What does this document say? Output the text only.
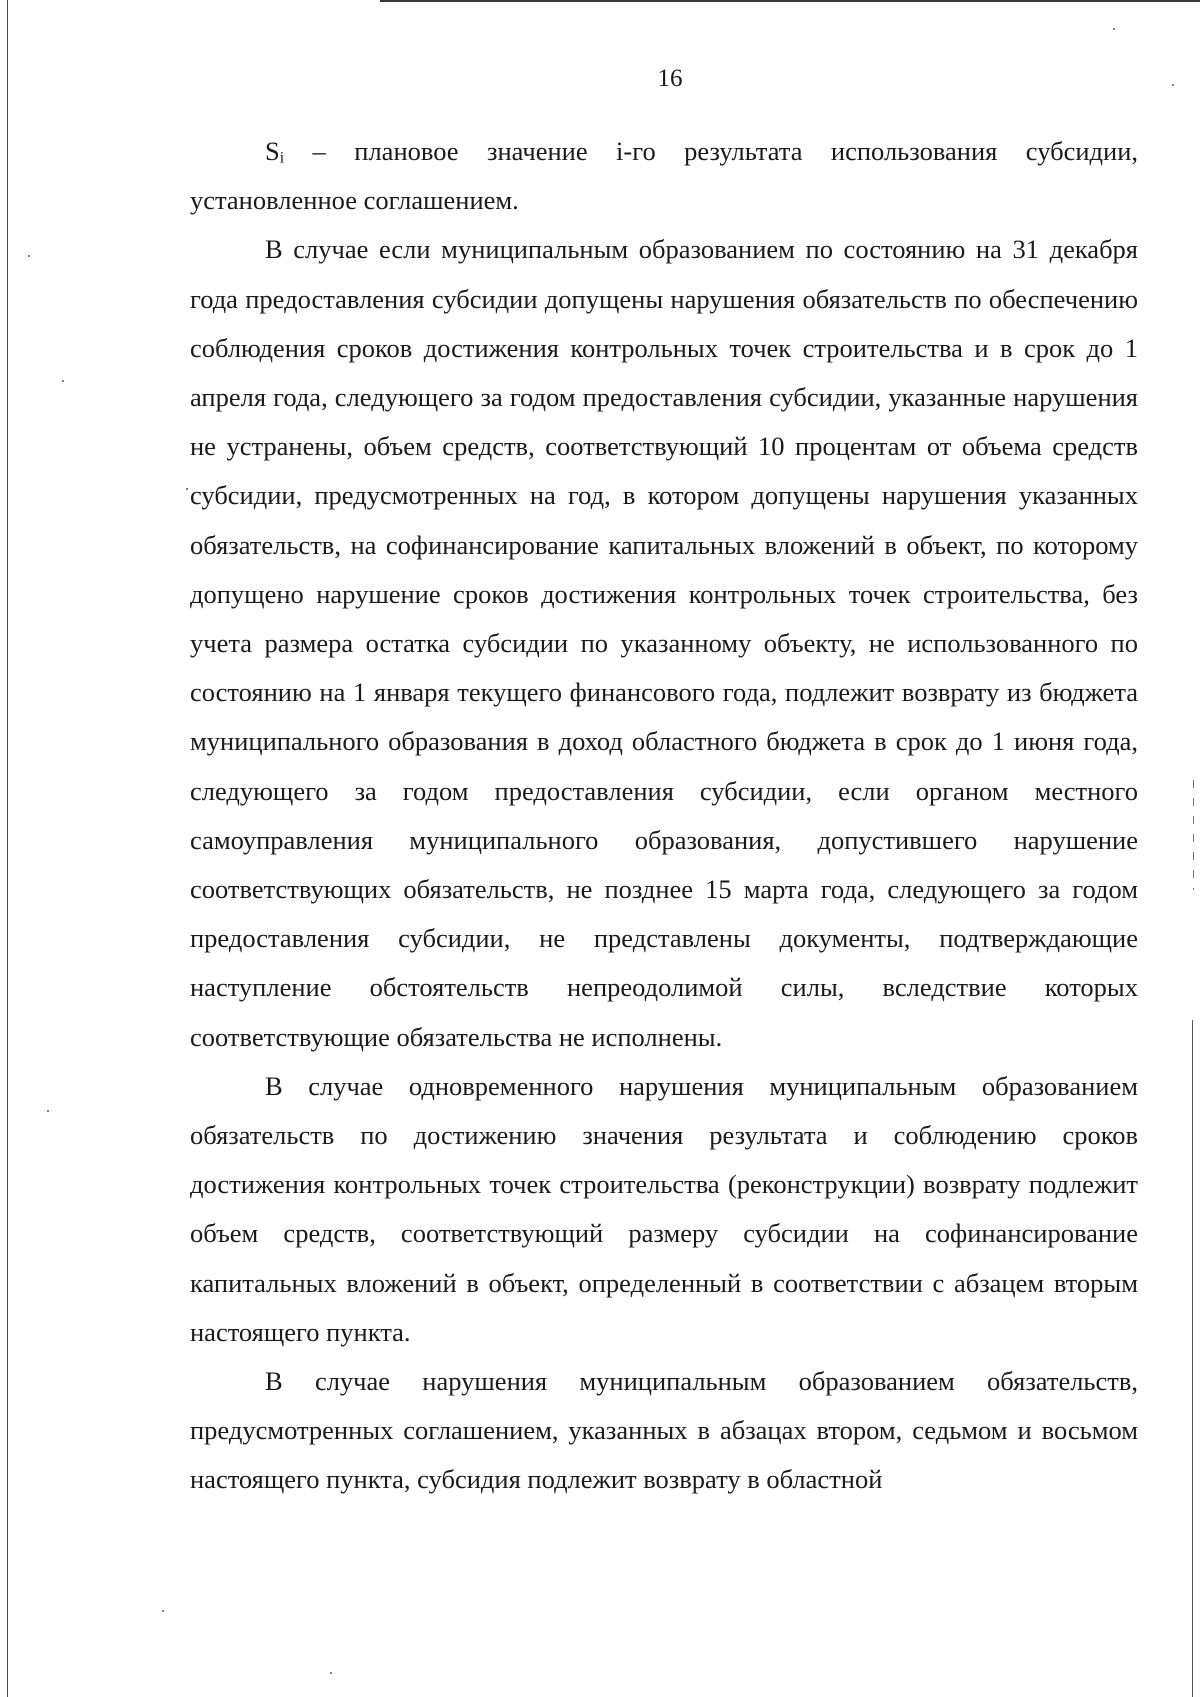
16

Sᵢ – плановое значение i-го результата использования субсидии, установленное соглашением.

В случае если муниципальным образованием по состоянию на 31 декабря года предоставления субсидии допущены нарушения обязательств по обеспечению соблюдения сроков достижения контрольных точек строительства и в срок до 1 апреля года, следующего за годом предоставления субсидии, указанные нарушения не устранены, объем средств, соответствующий 10 процентам от объема средств субсидии, предусмотренных на год, в котором допущены нарушения указанных обязательств, на софинансирование капитальных вложений в объект, по которому допущено нарушение сроков достижения контрольных точек строительства, без учета размера остатка субсидии по указанному объекту, не использованного по состоянию на 1 января текущего финансового года, подлежит возврату из бюджета муниципального образования в доход областного бюджета в срок до 1 июня года, следующего за годом предоставления субсидии, если органом местного самоуправления муниципального образования, допустившего нарушение соответствующих обязательств, не позднее 15 марта года, следующего за годом предоставления субсидии, не представлены документы, подтверждающие наступление обстоятельств непреодолимой силы, вследствие которых соответствующие обязательства не исполнены.

В случае одновременного нарушения муниципальным образованием обязательств по достижению значения результата и соблюдению сроков достижения контрольных точек строительства (реконструкции) возврату подлежит объем средств, соответствующий размеру субсидии на софинансирование капитальных вложений в объект, определенный в соответствии с абзацем вторым настоящего пункта.

В случае нарушения муниципальным образованием обязательств, предусмотренных соглашением, указанных в абзацах втором, седьмом и восьмом настоящего пункта, субсидия подлежит возврату в областной
